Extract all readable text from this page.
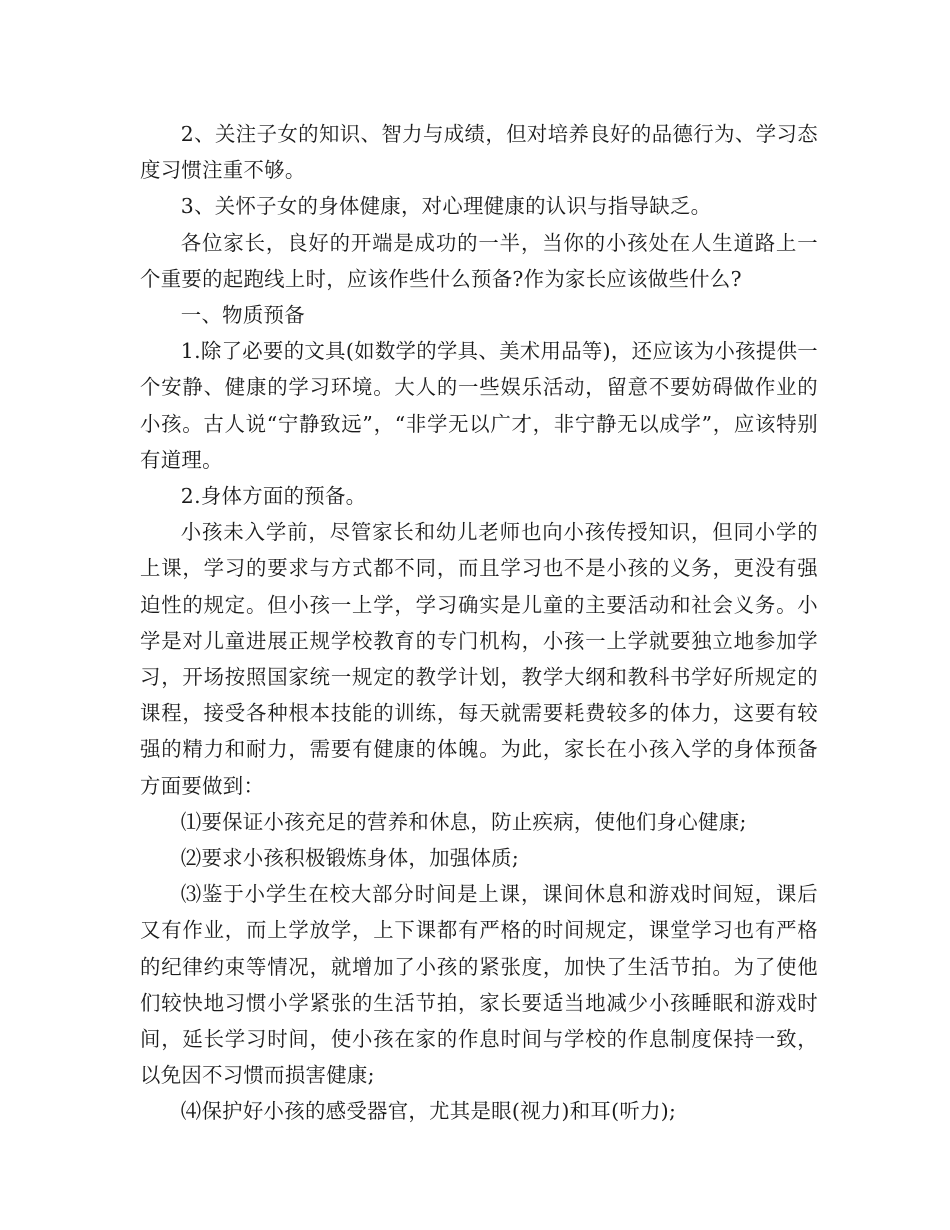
2、关注子女的知识、智力与成绩，但对培养良好的品德行为、学习态度习惯注重不够。

3、关怀子女的身体健康，对心理健康的认识与指导缺乏。

各位家长，良好的开端是成功的一半，当你的小孩处在人生道路上一个重要的起跑线上时，应该作些什么预备?作为家长应该做些什么?

一、物质预备

1.除了必要的文具(如数学的学具、美术用品等)，还应该为小孩提供一个安静、健康的学习环境。大人的一些娱乐活动，留意不要妨碍做作业的小孩。古人说“宁静致远”，“非学无以广才，非宁静无以成学”，应该特别有道理。

2.身体方面的预备。

小孩未入学前，尽管家长和幼儿老师也向小孩传授知识，但同小学的上课，学习的要求与方式都不同，而且学习也不是小孩的义务，更没有强迫性的规定。但小孩一上学，学习确实是儿童的主要活动和社会义务。小学是对儿童进展正规学校教育的专门机构，小孩一上学就要独立地参加学习，开场按照国家统一规定的教学计划，教学大纲和教科书学好所规定的课程，接受各种根本技能的训练，每天就需要耗费较多的体力，这要有较强的精力和耐力，需要有健康的体魄。为此，家长在小孩入学的身体预备方面要做到：

⑴要保证小孩充足的营养和休息，防止疾病，使他们身心健康;

⑵要求小孩积极锻炼身体，加强体质;

⑶鉴于小学生在校大部分时间是上课，课间休息和游戏时间短，课后又有作业，而上学放学，上下课都有严格的时间规定，课堂学习也有严格的纪律约束等情况，就增加了小孩的紧张度，加快了生活节拍。为了使他们较快地习惯小学紧张的生活节拍，家长要适当地减少小孩睡眠和游戏时间，延长学习时间，使小孩在家的作息时间与学校的作息制度保持一致，以免因不习惯而损害健康;

⑷保护好小孩的感受器官，尤其是眼(视力)和耳(听力);
